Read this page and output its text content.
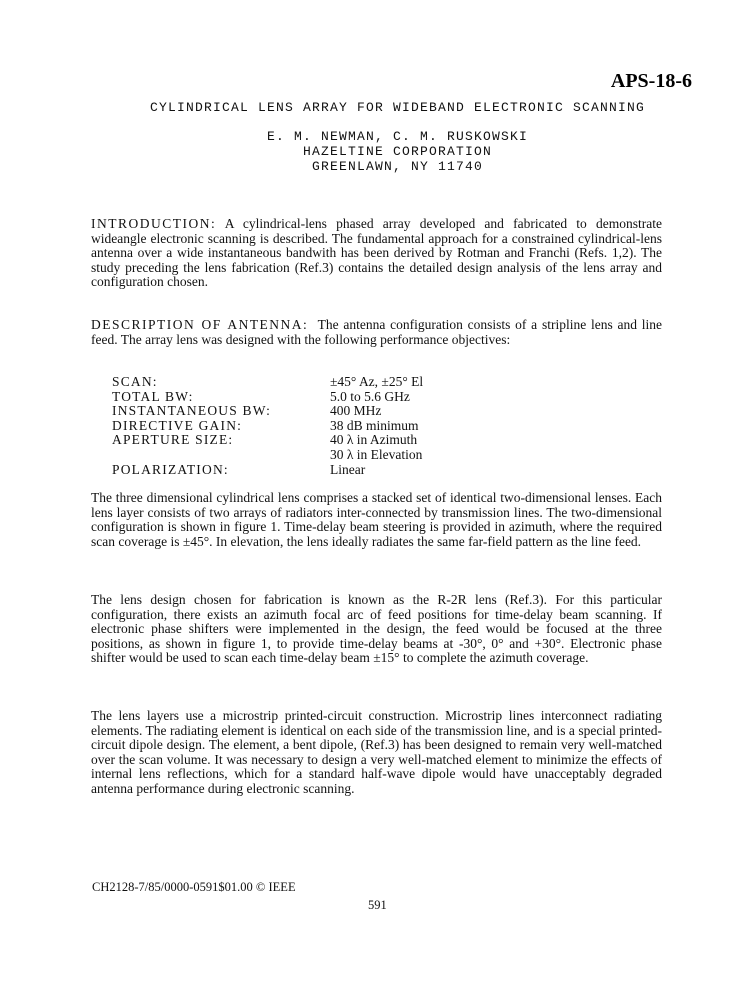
APS-18-6
CYLINDRICAL LENS ARRAY FOR WIDEBAND ELECTRONIC SCANNING
E. M. NEWMAN, C. M. RUSKOWSKI
HAZELTINE CORPORATION
GREENLAWN, NY 11740
INTRODUCTION: A cylindrical-lens phased array developed and fabricated to demonstrate wideangle electronic scanning is described. The fundamental approach for a constrained cylindrical-lens antenna over a wide instantaneous bandwith has been derived by Rotman and Franchi (Refs. 1,2). The study preceding the lens fabrication (Ref.3) contains the detailed design analysis of the lens array and configuration chosen.
DESCRIPTION OF ANTENNA: The antenna configuration consists of a stripline lens and line feed. The array lens was designed with the following performance objectives:
SCAN:	±45° Az, ±25° El
TOTAL BW:	5.0 to 5.6 GHz
INSTANTANEOUS BW:	400 MHz
DIRECTIVE GAIN:	38 dB minimum
APERTURE SIZE:	40 λ in Azimuth
30 λ in Elevation
POLARIZATION:	Linear
The three dimensional cylindrical lens comprises a stacked set of identical two-dimensional lenses. Each lens layer consists of two arrays of radiators inter-connected by transmission lines. The two-dimensional configuration is shown in figure 1. Time-delay beam steering is provided in azimuth, where the required scan coverage is ±45°. In elevation, the lens ideally radiates the same far-field pattern as the line feed.
The lens design chosen for fabrication is known as the R-2R lens (Ref.3). For this particular configuration, there exists an azimuth focal arc of feed positions for time-delay beam scanning. If electronic phase shifters were implemented in the design, the feed would be focused at the three positions, as shown in figure 1, to provide time-delay beams at -30°, 0° and +30°. Electronic phase shifter would be used to scan each time-delay beam ±15° to complete the azimuth coverage.
The lens layers use a microstrip printed-circuit construction. Microstrip lines interconnect radiating elements. The radiating element is identical on each side of the transmission line, and is a special printed-circuit dipole design. The element, a bent dipole, (Ref.3) has been designed to remain very well-matched over the scan volume. It was necessary to design a very well-matched element to minimize the effects of internal lens reflections, which for a standard half-wave dipole would have unacceptably degraded antenna performance during electronic scanning.
CH2128-7/85/0000-0591$01.00 © IEEE
591
